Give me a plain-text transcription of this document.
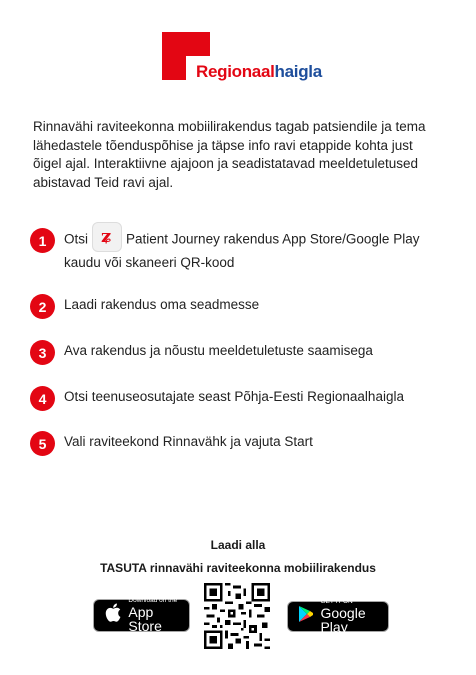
Regionaalhaigla
Rinnavähi raviteekonna mobiilirakendus tagab patsiendile ja tema lähedastele tõenduspõhise ja täpse info ravi etappide kohta just õigel ajal. Interaktiivne ajajoon ja seadistatavad meeldetuletused abistavad Teid ravi ajal.
1	Otsi ʑ Patient Journey rakendus App Store/Google Play
kaudu või skaneeri QR-kood
2	Laadi rakendus oma seadmesse
3	Ava rakendus ja nõustu meeldetuletuste saamisega
4	Otsi teenuseosutajate seast Põhja-Eesti Regionaalhaigla
5	Vali raviteekond Rinnavähk ja vajuta Start
Laadi alla
TASUTA rinnavähi raviteekonna mobiilirakendus
Download on the
App Store
GET IT ON
Google Play
